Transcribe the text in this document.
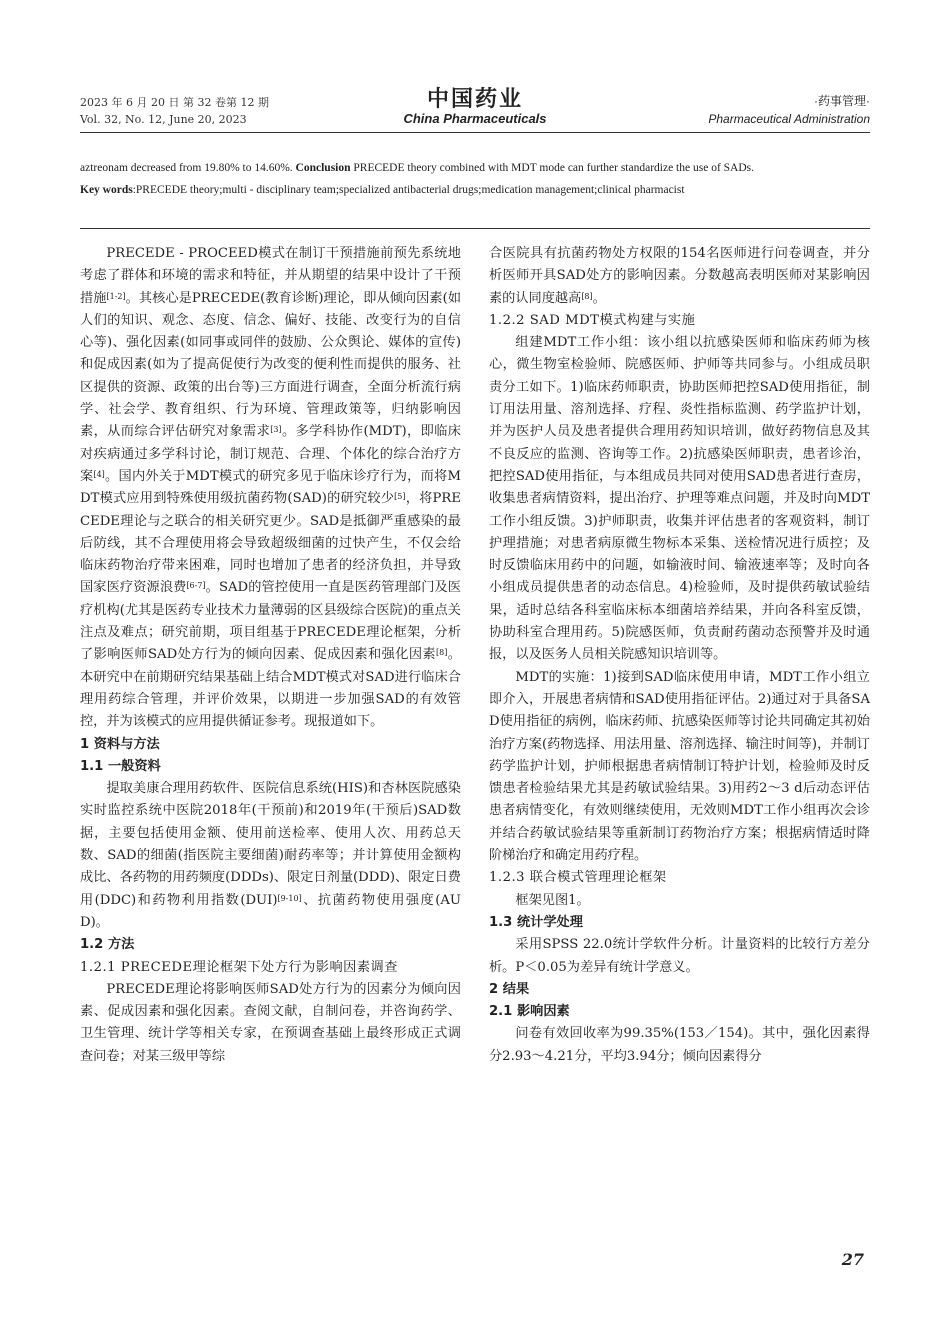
2023 年 6 月 20 日 第 32 卷第 12 期
Vol. 32, No. 12, June 20, 2023
中国药业
China Pharmaceuticals
·药事管理·
Pharmaceutical Administration
aztreonam decreased from 19.80% to 14.60%. Conclusion PRECEDE theory combined with MDT mode can further standardize the use of SADs.
Key words:PRECEDE theory;multi - disciplinary team;specialized antibacterial drugs;medication management;clinical pharmacist

PRECEDE - PROCEED模式在制订干预措施前预先系统地考虑了群体和环境的需求和特征，并从期望的结果中设计了干预措施[1-2]。其核心是PRECEDE(教育诊断)理论，即从倾向因素(如人们的知识、观念、态度、信念、偏好、技能、改变行为的自信心等)、强化因素(如同事或同伴的鼓励、公众舆论、媒体的宣传)和促成因素(如为了提高促使行为改变的便利性而提供的服务、社区提供的资源、政策的出台等)三方面进行调查，全面分析流行病学、社会学、教育组织、行为环境、管理政策等，归纳影响因素，从而综合评估研究对象需求[3]。多学科协作(MDT)，即临床对疾病通过多学科讨论，制订规范、合理、个体化的综合治疗方案[4]。国内外关于MDT模式的研究多见于临床诊疗行为，而将MDT模式应用到特殊使用级抗菌药物(SAD)的研究较少[5]，将PRECEDE理论与之联合的相关研究更少。SAD是抵御严重感染的最后防线，其不合理使用将会导致超级细菌的过快产生，不仅会给临床药物治疗带来困难，同时也增加了患者的经济负担，并导致国家医疗资源浪费[6-7]。SAD的管控使用一直是医药管理部门及医疗机构(尤其是医药专业技术力量薄弱的区县级综合医院)的重点关注点及难点；研究前期，项目组基于PRECEDE理论框架，分析了影响医师SAD处方行为的倾向因素、促成因素和强化因素[8]。本研究中在前期研究结果基础上结合MDT模式对SAD进行临床合理用药综合管理，并评价效果，以期进一步加强SAD的有效管控，并为该模式的应用提供循证参考。现报道如下。

1 资料与方法
1.1 一般资料

提取美康合理用药软件、医院信息系统(HIS)和杏林医院感染实时监控系统中医院2018年(干预前)和2019年(干预后)SAD数据，主要包括使用金额、使用前送检率、使用人次、用药总天数、SAD的细菌(指医院主要细菌)耐药率等；并计算使用金额构成比、各药物的用药频度(DDDs)、限定日剂量(DDD)、限定日费用(DDC)和药物利用指数(DUI)[9-10]、抗菌药物使用强度(AUD)。

1.2 方法
1.2.1 PRECEDE理论框架下处方行为影响因素调查

PRECEDE理论将影响医师SAD处方行为的因素分为倾向因素、促成因素和强化因素。查阅文献，自制问卷，并咨询药学、卫生管理、统计学等相关专家，在预调查基础上最终形成正式调查问卷；对某三级甲等综

合医院具有抗菌药物处方权限的154名医师进行问卷调查，并分析医师开具SAD处方的影响因素。分数越高表明医师对某影响因素的认同度越高[8]。

1.2.2 SAD MDT模式构建与实施

组建MDT工作小组：该小组以抗感染医师和临床药师为核心，微生物室检验师、院感医师、护师等共同参与。小组成员职责分工如下。1)临床药师职责，协助医师把控SAD使用指征，制订用法用量、溶剂选择、疗程、炎性指标监测、药学监护计划，并为医护人员及患者提供合理用药知识培训，做好药物信息及其不良反应的监测、咨询等工作。2)抗感染医师职责，患者诊治，把控SAD使用指征，与本组成员共同对使用SAD患者进行查房，收集患者病情资料，提出治疗、护理等难点问题，并及时向MDT工作小组反馈。3)护师职责，收集并评估患者的客观资料，制订护理措施；对患者病原微生物标本采集、送检情况进行质控；及时反馈临床用药中的问题，如输液时间、输液速率等；及时向各小组成员提供患者的动态信息。4)检验师，及时提供药敏试验结果，适时总结各科室临床标本细菌培养结果，并向各科室反馈，协助科室合理用药。5)院感医师，负责耐药菌动态预警并及时通报，以及医务人员相关院感知识培训等。

MDT的实施：1)接到SAD临床使用申请，MDT工作小组立即介入，开展患者病情和SAD使用指征评估。2)通过对于具备SAD使用指征的病例，临床药师、抗感染医师等讨论共同确定其初始治疗方案(药物选择、用法用量、溶剂选择、输注时间等)，并制订药学监护计划，护师根据患者病情制订特护计划，检验师及时反馈患者检验结果尤其是药敏试验结果。3)用药2～3 d后动态评估患者病情变化，有效则继续使用，无效则MDT工作小组再次会诊并结合药敏试验结果等重新制订药物治疗方案；根据病情适时降阶梯治疗和确定用药疗程。

1.2.3 联合模式管理理论框架

框架见图1。

1.3 统计学处理

采用SPSS 22.0统计学软件分析。计量资料的比较行方差分析。P＜0.05为差异有统计学意义。

2 结果
2.1 影响因素

问卷有效回收率为99.35%(153／154)。其中，强化因素得分2.93～4.21分，平均3.94分；倾向因素得分

27
